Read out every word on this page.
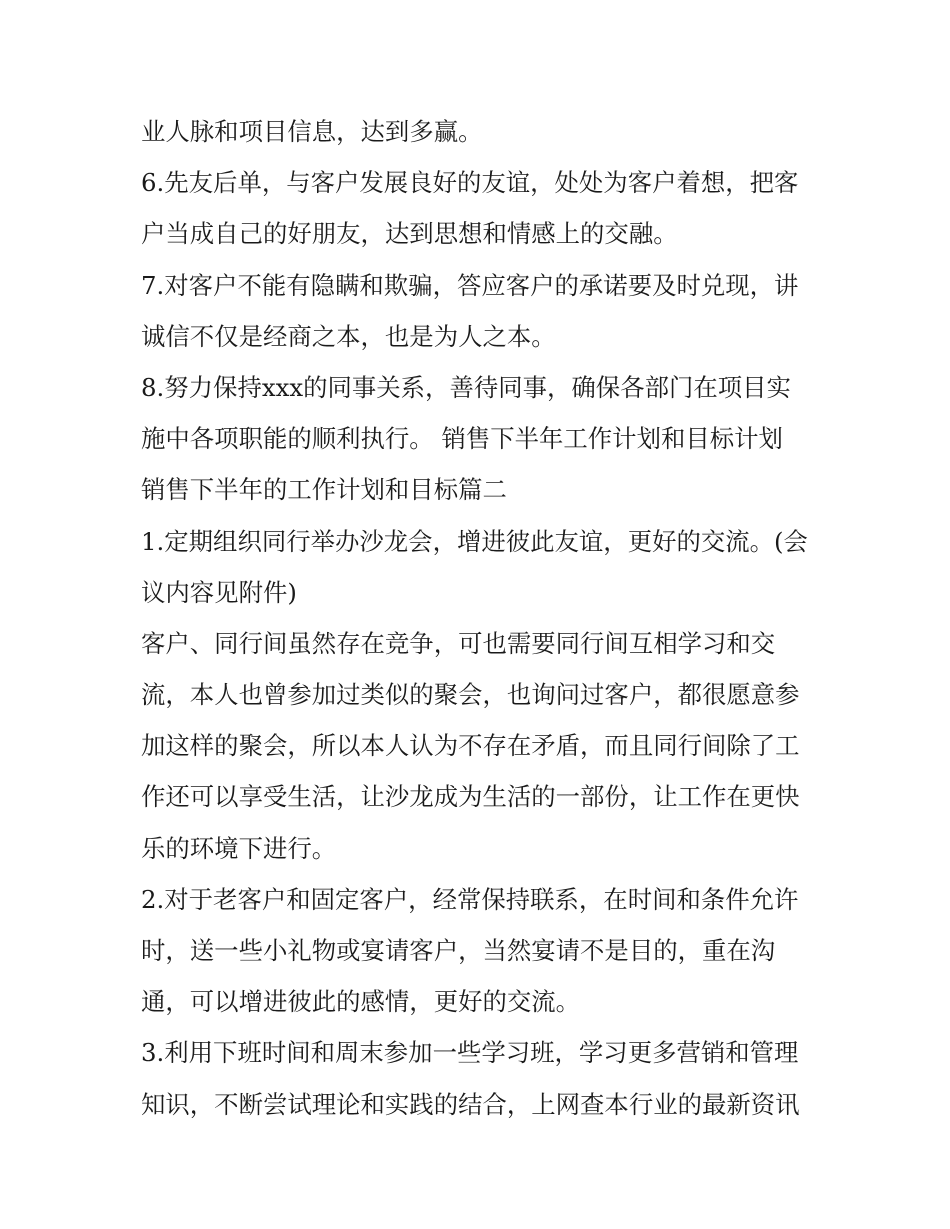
业人脉和项目信息，达到多赢。
6.先友后单，与客户发展良好的友谊，处处为客户着想，把客
户当成自己的好朋友，达到思想和情感上的交融。
7.对客户不能有隐瞒和欺骗，答应客户的承诺要及时兑现，讲
诚信不仅是经商之本，也是为人之本。
8.努力保持xxx的同事关系，善待同事，确保各部门在项目实
施中各项职能的顺利执行。 销售下半年工作计划和目标计划
销售下半年的工作计划和目标篇二
1.定期组织同行举办沙龙会，增进彼此友谊，更好的交流。(会
议内容见附件)
客户、同行间虽然存在竞争，可也需要同行间互相学习和交
流，本人也曾参加过类似的聚会，也询问过客户，都很愿意参
加这样的聚会，所以本人认为不存在矛盾，而且同行间除了工
作还可以享受生活，让沙龙成为生活的一部份，让工作在更快
乐的环境下进行。
2.对于老客户和固定客户，经常保持联系，在时间和条件允许
时，送一些小礼物或宴请客户，当然宴请不是目的，重在沟
通，可以增进彼此的感情，更好的交流。
3.利用下班时间和周末参加一些学习班，学习更多营销和管理
知识，不断尝试理论和实践的结合，上网查本行业的最新资讯
